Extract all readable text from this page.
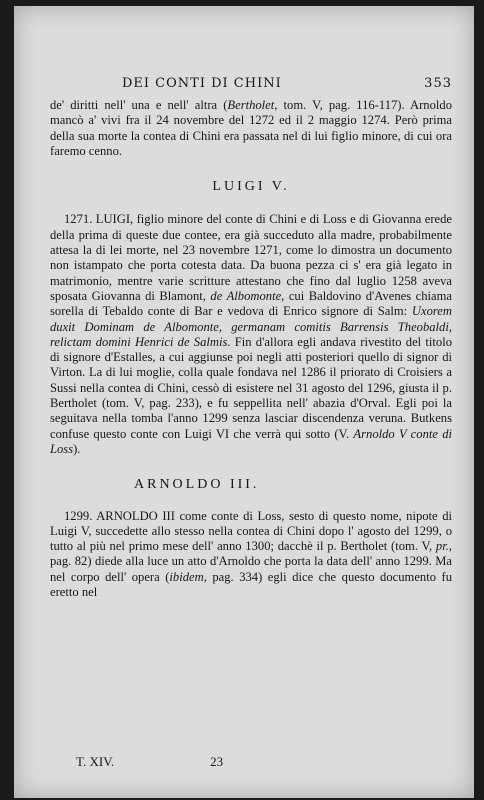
DEI CONTI DI CHINI	353

de' diritti nell' una e nell' altra (Bertholet, tom. V, pag. 116-117). Arnoldo mancò a' vivi fra il 24 novembre del 1272 ed il 2 maggio 1274. Però prima della sua morte la contea di Chini era passata nel di lui figlio minore, di cui ora faremo cenno.

LUIGI V.

1271. LUIGI, figlio minore del conte di Chini e di Loss e di Giovanna erede della prima di queste due contee, era già succeduto alla madre, probabilmente attesa la di lei morte, nel 23 novembre 1271, come lo dimostra un documento non istampato che porta cotesta data. Da buona pezza ci s' era già legato in matrimonio, mentre varie scritture attestano che fino dal luglio 1258 aveva sposata Giovanna di Blamont, de Albomonte, cui Baldovino d'Avenes chiama sorella di Tebaldo conte di Bar e vedova di Enrico signore di Salm: Uxorem duxit Dominam de Albomonte, germanam comitis Barrensis Theobaldi, relictam domini Henrici de Salmis. Fin d'allora egli andava rivestito del titolo di signore d'Estalles, a cui aggiunse poi negli atti posteriori quello di signor di Virton. La di lui moglie, colla quale fondava nel 1286 il priorato di Croisiers a Sussi nella contea di Chini, cessò di esistere nel 31 agosto del 1296, giusta il p. Bertholet (tom. V, pag. 233), e fu seppellita nell' abazia d'Orval. Egli poi la seguitava nella tomba l'anno 1299 senza lasciar discendenza veruna. Butkens confuse questo conte con Luigi VI che verrà qui sotto (V. Arnoldo V conte di Loss).

ARNOLDO III.

1299. ARNOLDO III come conte di Loss, sesto di questo nome, nipote di Luigi V, succedette allo stesso nella contea di Chini dopo l' agosto del 1299, o tutto al più nel primo mese dell' anno 1300; dacchè il p. Bertholet (tom. V, pr., pag. 82) diede alla luce un atto d'Arnoldo che porta la data dell' anno 1299. Ma nel corpo dell' opera (ibidem, pag. 334) egli dice che questo documento fu eretto nel

T. XIV.	23
